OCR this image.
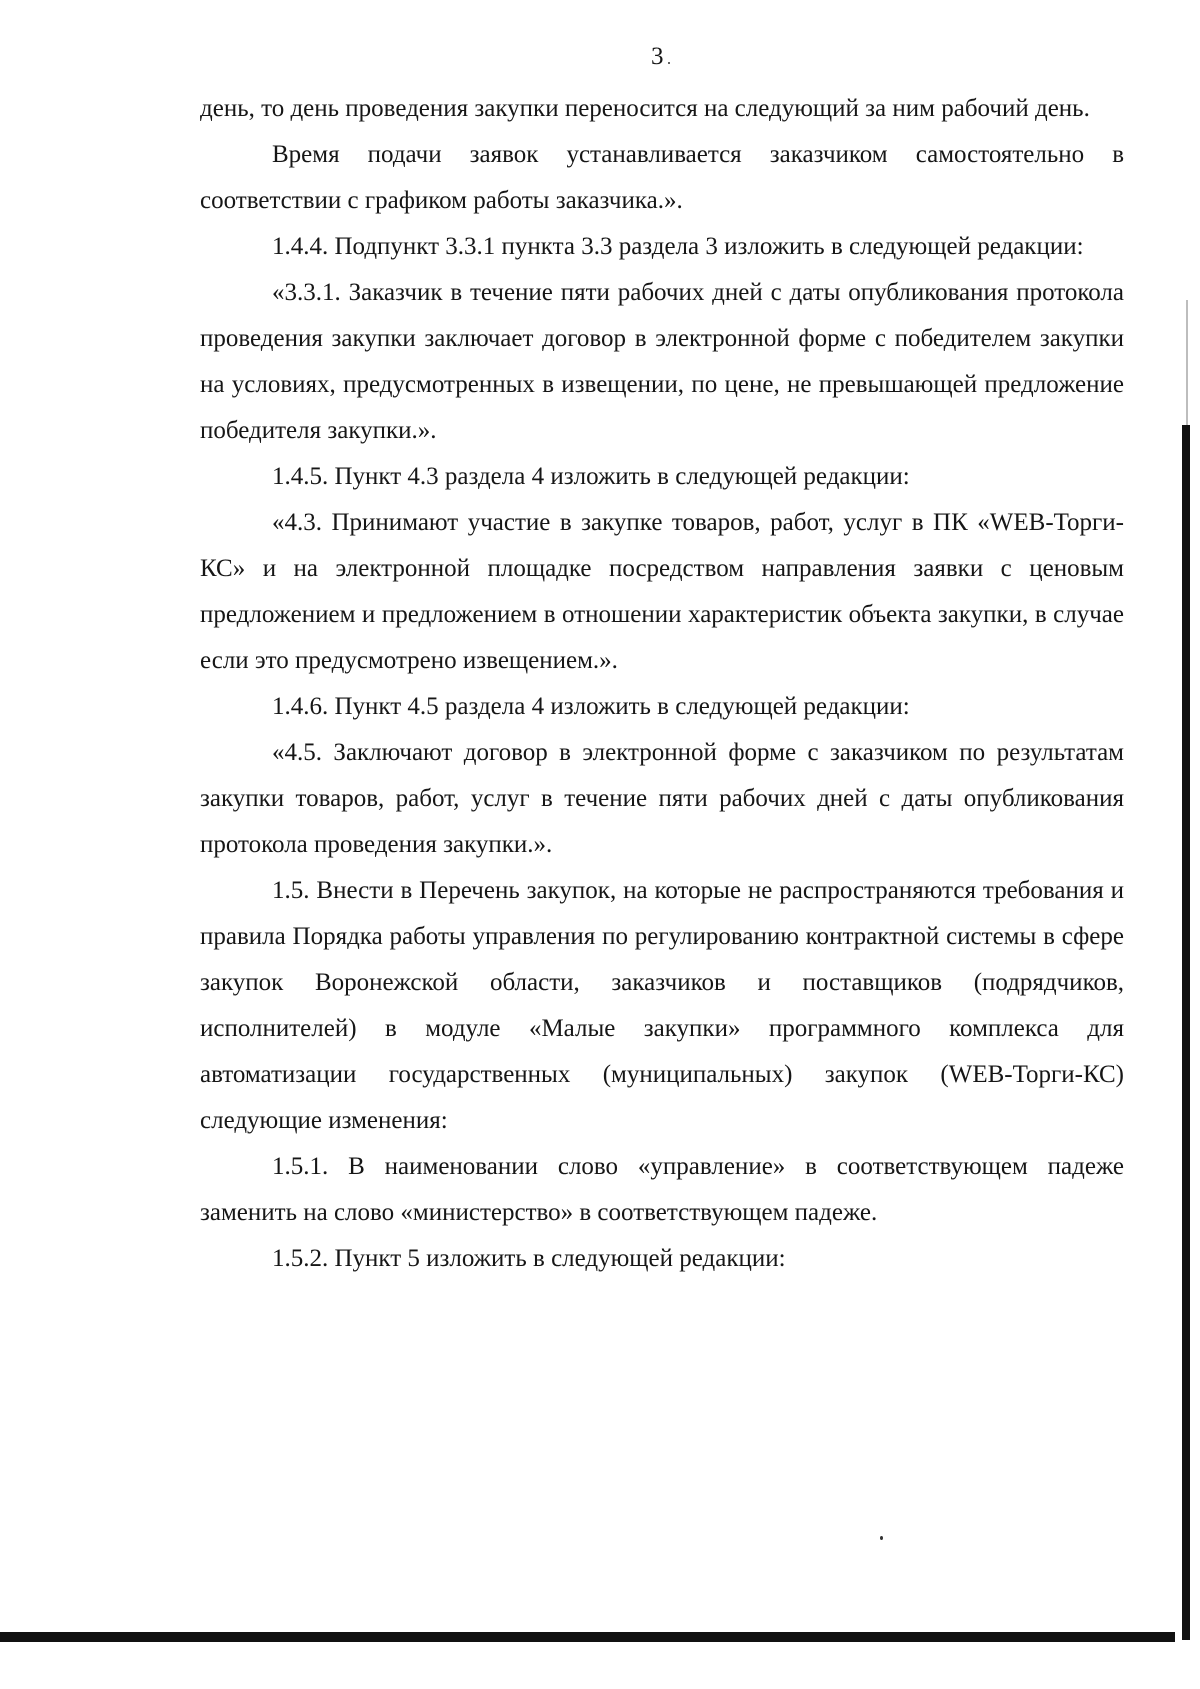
3

день, то день проведения закупки переносится на следующий за ним рабочий день.

Время подачи заявок устанавливается заказчиком самостоятельно в соответствии с графиком работы заказчика.».

1.4.4. Подпункт 3.3.1 пункта 3.3 раздела 3 изложить в следующей редакции:

«3.3.1. Заказчик в течение пяти рабочих дней с даты опубликования протокола проведения закупки заключает договор в электронной форме с победителем закупки на условиях, предусмотренных в извещении, по цене, не превышающей предложение победителя закупки.».

1.4.5. Пункт 4.3 раздела 4 изложить в следующей редакции:

«4.3. Принимают участие в закупке товаров, работ, услуг в ПК «WEB-Торги-КС» и на электронной площадке посредством направления заявки с ценовым предложением и предложением в отношении характеристик объекта закупки, в случае если это предусмотрено извещением.».

1.4.6. Пункт 4.5 раздела 4 изложить в следующей редакции:

«4.5. Заключают договор в электронной форме с заказчиком по результатам закупки товаров, работ, услуг в течение пяти рабочих дней с даты опубликования протокола проведения закупки.».

1.5. Внести в Перечень закупок, на которые не распространяются требования и правила Порядка работы управления по регулированию контрактной системы в сфере закупок Воронежской области, заказчиков и поставщиков (подрядчиков, исполнителей) в модуле «Малые закупки» программного комплекса для автоматизации государственных (муниципальных) закупок (WEB-Торги-КС) следующие изменения:

1.5.1. В наименовании слово «управление» в соответствующем падеже заменить на слово «министерство» в соответствующем падеже.

1.5.2. Пункт 5 изложить в следующей редакции:
